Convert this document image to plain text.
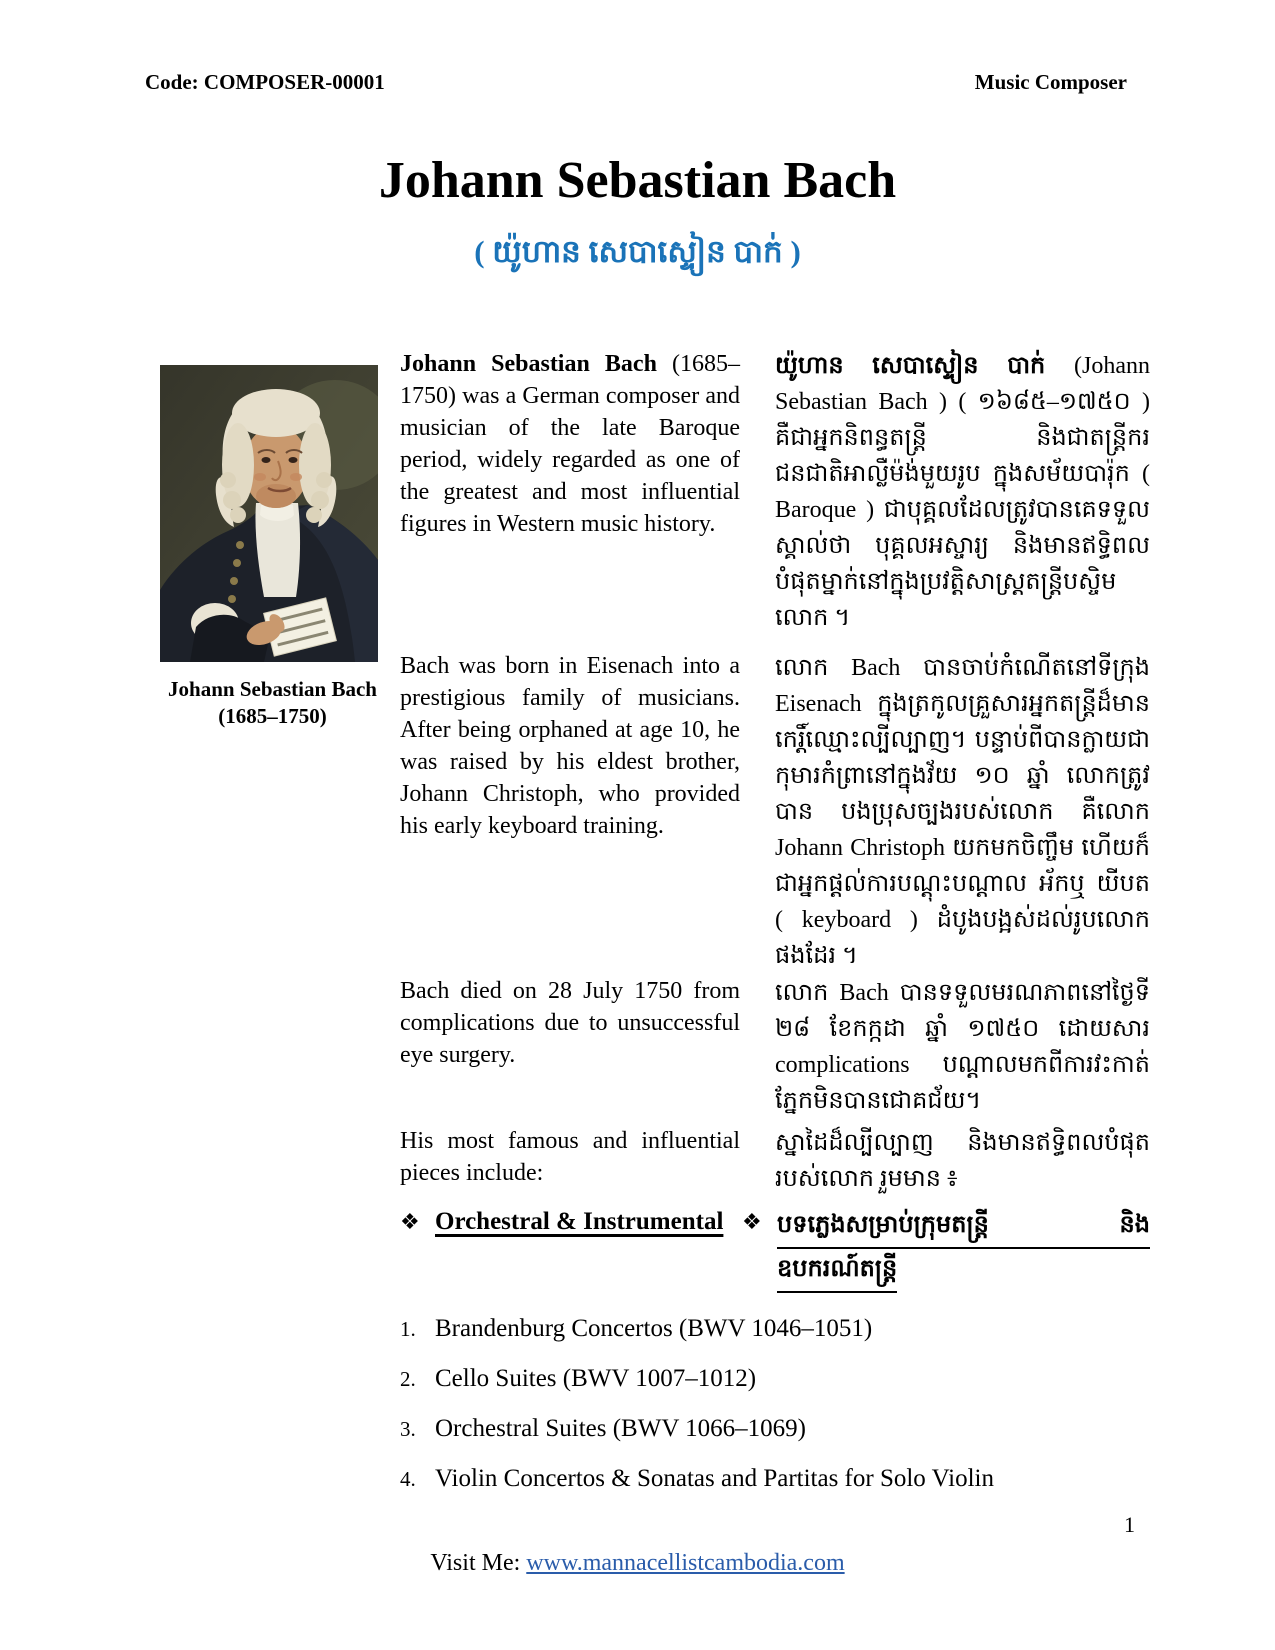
Code: COMPOSER-00001	Music Composer
Johann Sebastian Bach
( យ៉ូហាន សេបាស្ទៀន បាក់ )
Johann Sebastian Bach
(1685–1750)

Johann Sebastian Bach (1685–1750) was a German composer and musician of the late Baroque period, widely regarded as one of the greatest and most influential figures in Western music history.

Bach was born in Eisenach into a prestigious family of musicians. After being orphaned at age 10, he was raised by his eldest brother, Johann Christoph, who provided his early keyboard training.

Bach died on 28 July 1750 from complications due to unsuccessful eye surgery.

His most famous and influential pieces include:

❖ Orchestral & Instrumental

យ៉ូហាន សេបាស្ទៀន បាក់ (Johann Sebastian Bach ) ( ១៦៨៥–១៧៥០ ) គឺជាអ្នកនិពន្ធតន្ត្រី និងជាតន្ត្រីករជនជាតិអាល្លឺម៉ង់មួយរូប ក្នុងសម័យបារ៉ុក ( Baroque ) ជាបុគ្គលដែលត្រូវបានគេទទួលស្គាល់ថា បុគ្គលអស្ចារ្យ និងមានឥទ្ធិពលបំផុតម្នាក់នៅក្នុងប្រវត្តិសាស្ត្រតន្ត្រីបស្ចិមលោក ។

លោក Bach បានចាប់កំណើតនៅទីក្រុង Eisenach ក្នុងត្រកូលគ្រួសារអ្នកតន្ត្រីដ៏មានកេរ្តិ៍ឈ្មោះល្បីល្បាញ។ បន្ទាប់ពីបានក្លាយជាកុមារកំព្រានៅក្នុងវ័យ ១០ ឆ្នាំ លោកត្រូវបាន បងប្រុសច្បងរបស់លោក គឺលោក Johann Christoph យកមកចិញ្ចឹម ហើយក៏ជាអ្នកផ្តល់ការបណ្តុះបណ្តាល អ័កឬ យីបត ( keyboard ) ដំបូងបង្អស់ដល់រូបលោកផងដែរ ។

លោក Bach បានទទួលមរណភាពនៅថ្ងៃទី ២៨ ខែកក្កដា ឆ្នាំ ១៧៥០ ដោយសារ complications បណ្តាលមកពីការវះកាត់ភ្នែកមិនបានជោគជ័យ។

ស្នាដៃដ៏ល្បីល្បាញ និងមានឥទ្ធិពលបំផុតរបស់លោក រួមមាន ៖

❖ បទភ្លេងសម្រាប់ក្រុមតន្ត្រី	និង
ឧបករណ៍តន្ត្រី
1. Brandenburg Concertos (BWV 1046–1051)
2. Cello Suites (BWV 1007–1012)
3. Orchestral Suites (BWV 1066–1069)
4. Violin Concertos & Sonatas and Partitas for Solo Violin
Visit Me: www.mannacellistcambodia.com
1
